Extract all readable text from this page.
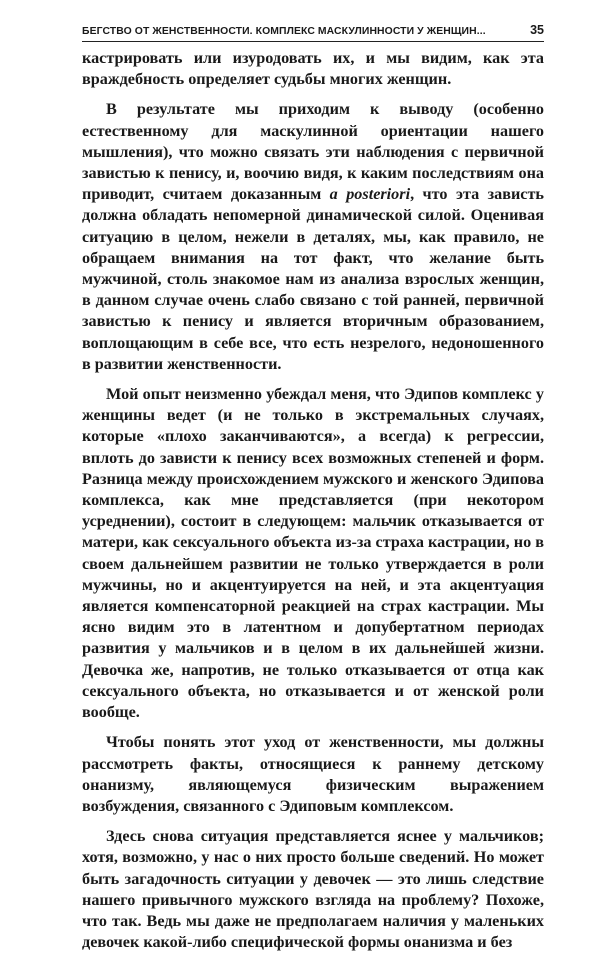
БЕГСТВО ОТ ЖЕНСТВЕННОСТИ. КОМПЛЕКС МАСКУЛИННОСТИ У ЖЕНЩИН...	35

кастрировать или изуродовать их, и мы видим, как эта враждебность определяет судьбы многих женщин.

В результате мы приходим к выводу (особенно естественному для маскулинной ориентации нашего мышления), что можно связать эти наблюдения с первичной завистью к пенису, и, воочию видя, к каким последствиям она приводит, считаем доказанным a posteriori, что эта зависть должна обладать непомерной динамической силой. Оценивая ситуацию в целом, нежели в деталях, мы, как правило, не обращаем внимания на тот факт, что желание быть мужчиной, столь знакомое нам из анализа взрослых женщин, в данном случае очень слабо связано с той ранней, первичной завистью к пенису и является вторичным образованием, воплощающим в себе все, что есть незрелого, недоношенного в развитии женственности.

Мой опыт неизменно убеждал меня, что Эдипов комплекс у женщины ведет (и не только в экстремальных случаях, которые «плохо заканчиваются», а всегда) к регрессии, вплоть до зависти к пенису всех возможных степеней и форм. Разница между происхождением мужского и женского Эдипова комплекса, как мне представляется (при некотором усреднении), состоит в следующем: мальчик отказывается от матери, как сексуального объекта из-за страха кастрации, но в своем дальнейшем развитии не только утверждается в роли мужчины, но и акцентуируется на ней, и эта акцентуация является компенсаторной реакцией на страх кастрации. Мы ясно видим это в латентном и допубертатном периодах развития у мальчиков и в целом в их дальнейшей жизни. Девочка же, напротив, не только отказывается от отца как сексуального объекта, но отказывается и от женской роли вообще.

Чтобы понять этот уход от женственности, мы должны рассмотреть факты, относящиеся к раннему детскому онанизму, являющемуся физическим выражением возбуждения, связанного с Эдиповым комплексом.

Здесь снова ситуация представляется яснее у мальчиков; хотя, возможно, у нас о них просто больше сведений. Но может быть загадочность ситуации у девочек — это лишь следствие нашего привычного мужского взгляда на проблему? Похоже, что так. Ведь мы даже не предполагаем наличия у маленьких девочек какой-либо специфической формы онанизма и без
